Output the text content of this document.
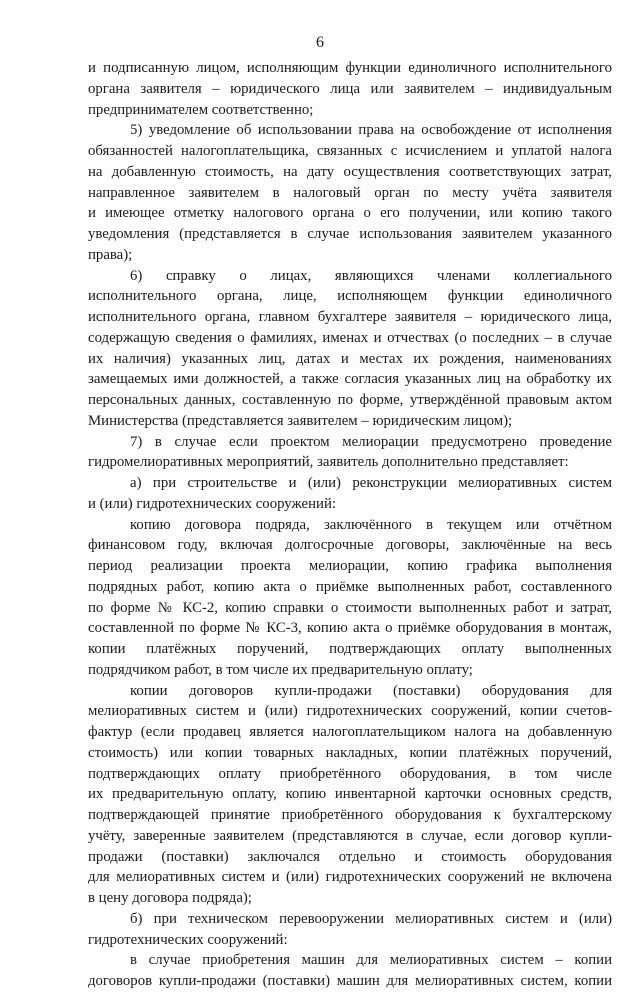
6
и подписанную лицом, исполняющим функции единоличного исполнительного
органа заявителя – юридического лица или заявителем – индивидуальным
предпринимателем соответственно;
5) уведомление об использовании права на освобождение от исполнения
обязанностей налогоплательщика, связанных с исчислением и уплатой налога
на добавленную стоимость, на дату осуществления соответствующих затрат,
направленное заявителем в налоговый орган по месту учёта заявителя
и имеющее отметку налогового органа о его получении, или копию такого
уведомления (представляется в случае использования заявителем указанного
права);
6) справку о лицах, являющихся членами коллегиального
исполнительного органа, лице, исполняющем функции единоличного
исполнительного органа, главном бухгалтере заявителя – юридического лица,
содержащую сведения о фамилиях, именах и отчествах (о последних – в случае
их наличия) указанных лиц, датах и местах их рождения, наименованиях
замещаемых ими должностей, а также согласия указанных лиц на обработку их
персональных данных, составленную по форме, утверждённой правовым актом
Министерства (представляется заявителем – юридическим лицом);
7) в случае если проектом мелиорации предусмотрено проведение
гидромелиоративных мероприятий, заявитель дополнительно представляет:
а) при строительстве и (или) реконструкции мелиоративных систем
и (или) гидротехнических сооружений:
копию договора подряда, заключённого в текущем или отчётном
финансовом году, включая долгосрочные договоры, заключённые на весь
период реализации проекта мелиорации, копию графика выполнения
подрядных работ, копию акта о приёмке выполненных работ, составленного
по форме № КС-2, копию справки о стоимости выполненных работ и затрат,
составленной по форме № КС-3, копию акта о приёмке оборудования в монтаж,
копии платёжных поручений, подтверждающих оплату выполненных
подрядчиком работ, в том числе их предварительную оплату;
копии договоров купли-продажи (поставки) оборудования для
мелиоративных систем и (или) гидротехнических сооружений, копии счетов-
фактур (если продавец является налогоплательщиком налога на добавленную
стоимость) или копии товарных накладных, копии платёжных поручений,
подтверждающих оплату приобретённого оборудования, в том числе
их предварительную оплату, копию инвентарной карточки основных средств,
подтверждающей принятие приобретённого оборудования к бухгалтерскому
учёту, заверенные заявителем (представляются в случае, если договор купли-
продажи (поставки) заключался отдельно и стоимость оборудования
для мелиоративных систем и (или) гидротехнических сооружений не включена
в цену договора подряда);
б) при техническом перевооружении мелиоративных систем и (или)
гидротехнических сооружений:
в случае приобретения машин для мелиоративных систем – копии
договоров купли-продажи (поставки) машин для мелиоративных систем, копии
